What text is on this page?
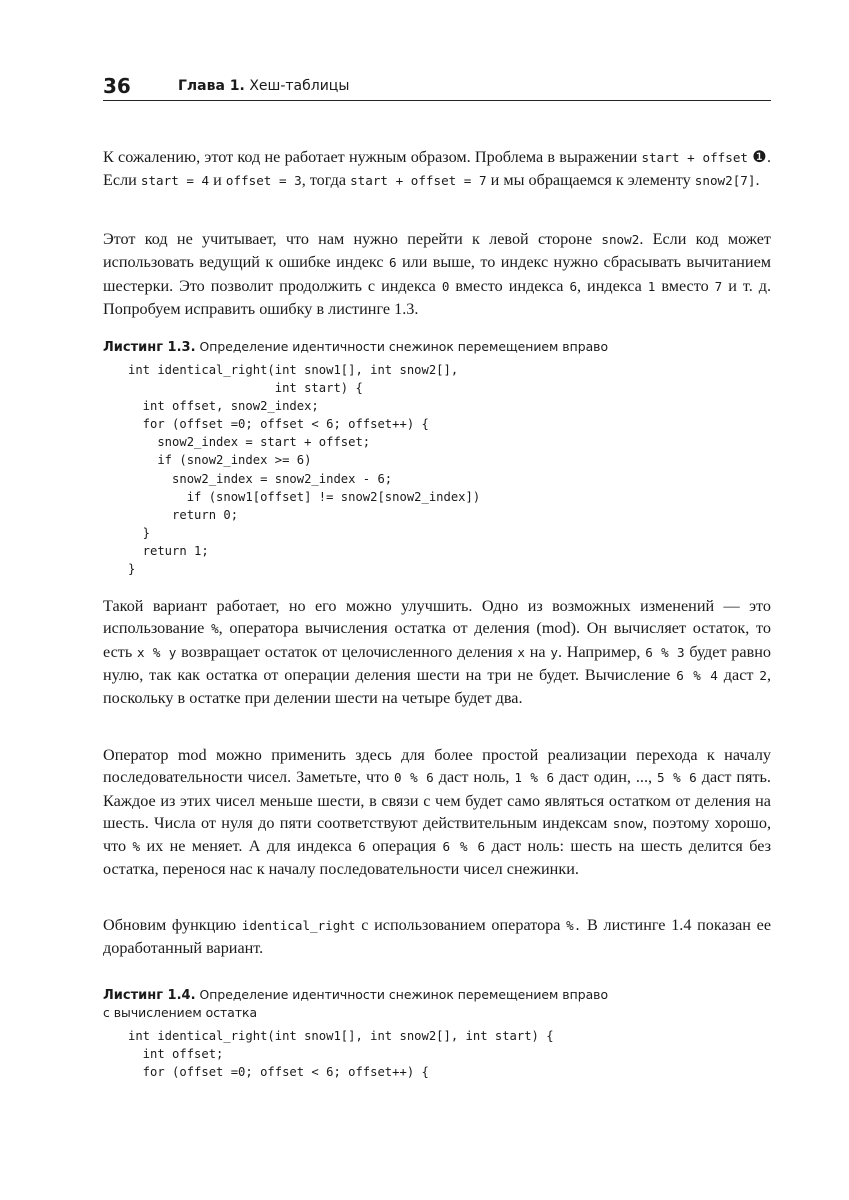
36	Глава 1. Хеш-таблицы

К сожалению, этот код не работает нужным образом. Проблема в выражении start + offset ❶. Если start = 4 и offset = 3, тогда start + offset = 7 и мы обращаемся к элементу snow2[7].

Этот код не учитывает, что нам нужно перейти к левой стороне snow2. Если код может использовать ведущий к ошибке индекс 6 или выше, то индекс нужно сбрасывать вычитанием шестерки. Это позволит продолжить с индекса 0 вместо индекса 6, индекса 1 вместо 7 и т. д. Попробуем исправить ошибку в листинге 1.3.

Листинг 1.3. Определение идентичности снежинок перемещением вправо
int identical_right(int snow1[], int snow2[],
int start) {
int offset, snow2_index;
for (offset =0; offset < 6; offset++) {
snow2_index = start + offset;
if (snow2_index >= 6)
snow2_index = snow2_index - 6;
if (snow1[offset] != snow2[snow2_index])
return 0;
}
return 1;
}

Такой вариант работает, но его можно улучшить. Одно из возможных изменений — это использование %, оператора вычисления остатка от деления (mod). Он вычисляет остаток, то есть x % y возвращает остаток от целочисленного деления x на y. Например, 6 % 3 будет равно нулю, так как остатка от операции деления шести на три не будет. Вычисление 6 % 4 даст 2, поскольку в остатке при делении шести на четыре будет два.

Оператор mod можно применить здесь для более простой реализации перехода к началу последовательности чисел. Заметьте, что 0 % 6 даст ноль, 1 % 6 даст один, ..., 5 % 6 даст пять. Каждое из этих чисел меньше шести, в связи с чем будет само являться остатком от деления на шесть. Числа от нуля до пяти соответствуют действительным индексам snow, поэтому хорошо, что % их не меняет. А для индекса 6 операция 6 % 6 даст ноль: шесть на шесть делится без остатка, перенося нас к началу последовательности чисел снежинки.

Обновим функцию identical_right с использованием оператора %. В листинге 1.4 показан ее доработанный вариант.

Листинг 1.4. Определение идентичности снежинок перемещением вправо
с вычислением остатка
int identical_right(int snow1[], int snow2[], int start) {
int offset;
for (offset =0; offset < 6; offset++) {
